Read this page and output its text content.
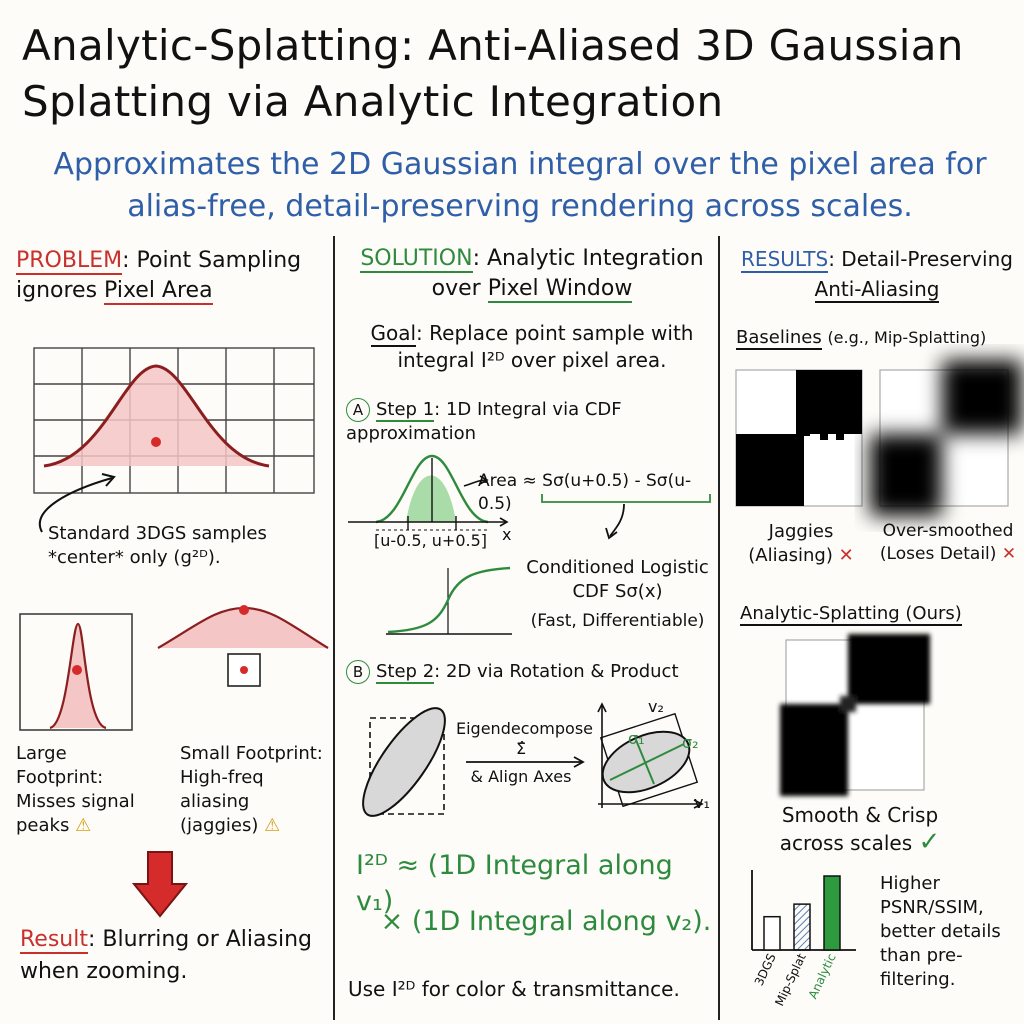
Analytic-Splatting: Anti-Aliased 3D Gaussian Splatting via Analytic Integration
Approximates the 2D Gaussian integral over the pixel area for alias-free, detail-preserving rendering across scales.
PROBLEM: Point Sampling ignores Pixel Area
Standard 3DGS samples *center* only (g²ᴰ).
Large Footprint: Misses signal peaks ⚠
Small Footprint: High-freq aliasing (jaggies) ⚠
Result: Blurring or Aliasing when zooming.
SOLUTION: Analytic Integration over Pixel Window
Goal: Replace point sample with integral I²ᴰ over pixel area.
A Step 1: 1D Integral via CDF approximation
Area ≈ Sσ(u+0.5) - Sσ(u-0.5)
[u-0.5, u+0.5] x
Conditioned Logistic CDF Sσ(x)
(Fast, Differentiable)
B Step 2: 2D via Rotation & Product
Eigendecompose
Σ̂
& Align Axes
v₂
v₁
σ₁	σ₂
I²ᴰ ≈ (1D Integral along v₁)
× (1D Integral along v₂).
Use I²ᴰ for color & transmittance.
RESULTS: Detail-Preserving
Anti-Aliasing
Baselines (e.g., Mip-Splatting)
Jaggies (Aliasing) ✕
Over-smoothed (Loses Detail) ✕
Analytic-Splatting (Ours)
Smooth & Crisp across scales ✓
3DGS
Mip-Splat
Analytic
Higher PSNR/SSIM, better details than pre-filtering.
